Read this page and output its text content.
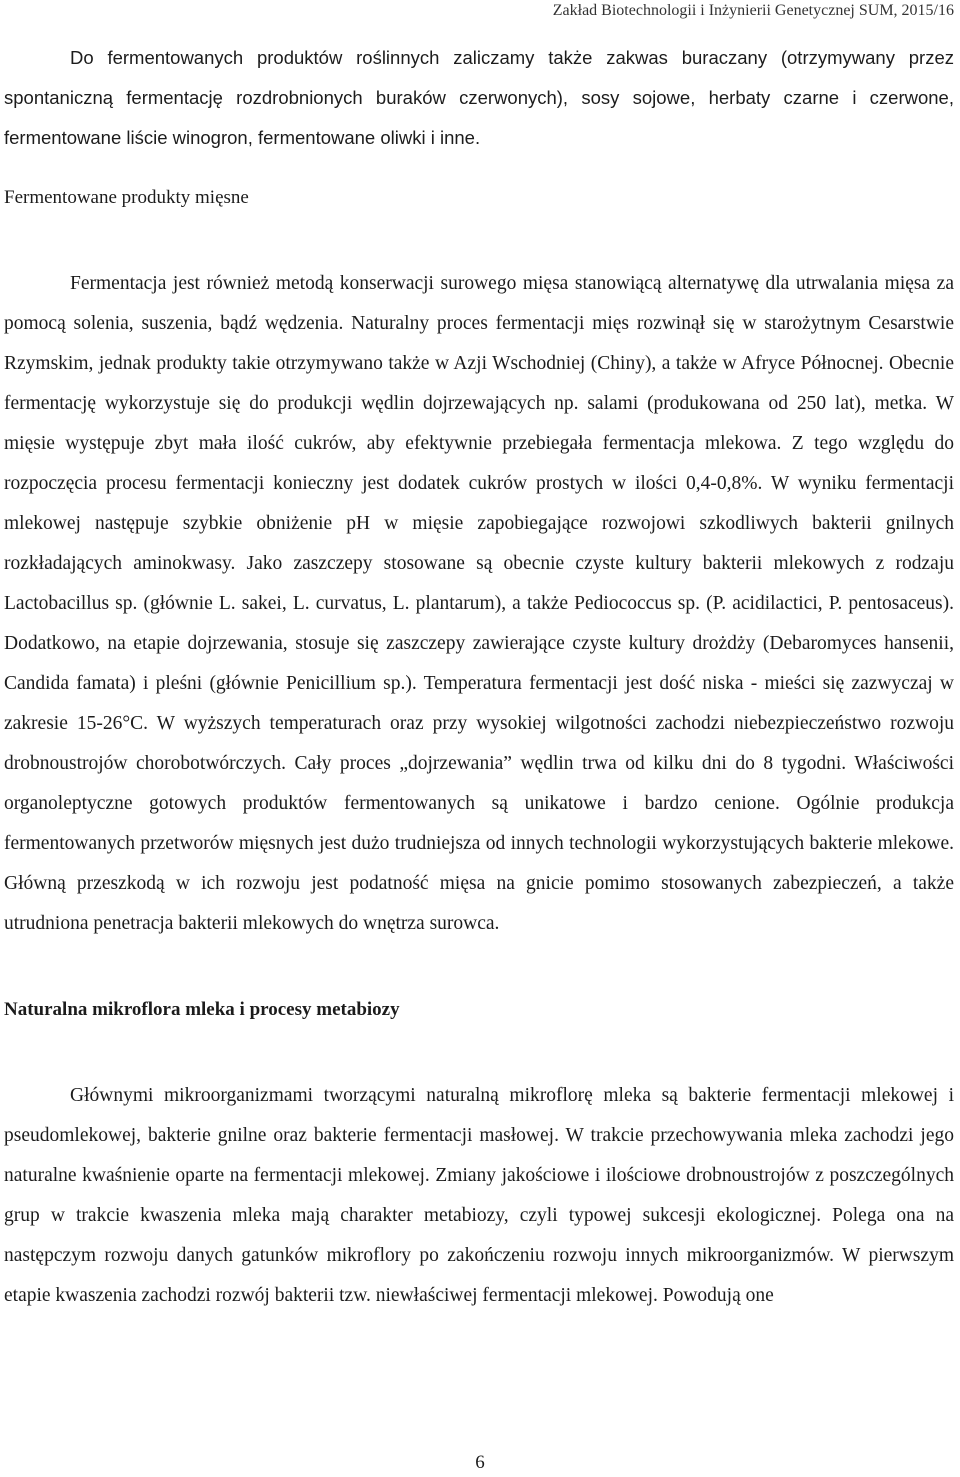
Zakład Biotechnologii i Inżynierii Genetycznej SUM, 2015/16

Do fermentowanych produktów roślinnych zaliczamy także zakwas buraczany (otrzymywany przez spontaniczną fermentację rozdrobnionych buraków czerwonych), sosy sojowe, herbaty czarne i czerwone, fermentowane liście winogron, fermentowane oliwki i inne.

Fermentowane produkty mięsne

Fermentacja jest również metodą konserwacji surowego mięsa stanowiącą alternatywę dla utrwalania mięsa za pomocą solenia, suszenia, bądź wędzenia. Naturalny proces fermentacji mięs rozwinął się w starożytnym Cesarstwie Rzymskim, jednak produkty takie otrzymywano także w Azji Wschodniej (Chiny), a także w Afryce Północnej. Obecnie fermentację wykorzystuje się do produkcji wędlin dojrzewających np. salami (produkowana od 250 lat), metka. W mięsie występuje zbyt mała ilość cukrów, aby efektywnie przebiegała fermentacja mlekowa. Z tego względu do rozpoczęcia procesu fermentacji konieczny jest dodatek cukrów prostych w ilości 0,4-0,8%. W wyniku fermentacji mlekowej następuje szybkie obniżenie pH w mięsie zapobiegające rozwojowi szkodliwych bakterii gnilnych rozkładających aminokwasy. Jako zaszczepy stosowane są obecnie czyste kultury bakterii mlekowych z rodzaju Lactobacillus sp. (głównie L. sakei, L. curvatus, L. plantarum), a także Pediococcus sp. (P. acidilactici, P. pentosaceus). Dodatkowo, na etapie dojrzewania, stosuje się zaszczepy zawierające czyste kultury drożdży (Debaromyces hansenii, Candida famata) i pleśni (głównie Penicillium sp.). Temperatura fermentacji jest dość niska - mieści się zazwyczaj w zakresie 15-26°C. W wyższych temperaturach oraz przy wysokiej wilgotności zachodzi niebezpieczeństwo rozwoju drobnoustrojów chorobotwórczych. Cały proces „dojrzewania” wędlin trwa od kilku dni do 8 tygodni. Właściwości organoleptyczne gotowych produktów fermentowanych są unikatowe i bardzo cenione. Ogólnie produkcja fermentowanych przetworów mięsnych jest dużo trudniejsza od innych technologii wykorzystujących bakterie mlekowe. Główną przeszkodą w ich rozwoju jest podatność mięsa na gnicie pomimo stosowanych zabezpieczeń, a także utrudniona penetracja bakterii mlekowych do wnętrza surowca.

Naturalna mikroflora mleka i procesy metabiozy

Głównymi mikroorganizmami tworzącymi naturalną mikroflorę mleka są bakterie fermentacji mlekowej i pseudomlekowej, bakterie gnilne oraz bakterie fermentacji masłowej. W trakcie przechowywania mleka zachodzi jego naturalne kwaśnienie oparte na fermentacji mlekowej. Zmiany jakościowe i ilościowe drobnoustrojów z poszczególnych grup w trakcie kwaszenia mleka mają charakter metabiozy, czyli typowej sukcesji ekologicznej. Polega ona na następczym rozwoju danych gatunków mikroflory po zakończeniu rozwoju innych mikroorganizmów. W pierwszym etapie kwaszenia zachodzi rozwój bakterii tzw. niewłaściwej fermentacji mlekowej. Powodują one

6
